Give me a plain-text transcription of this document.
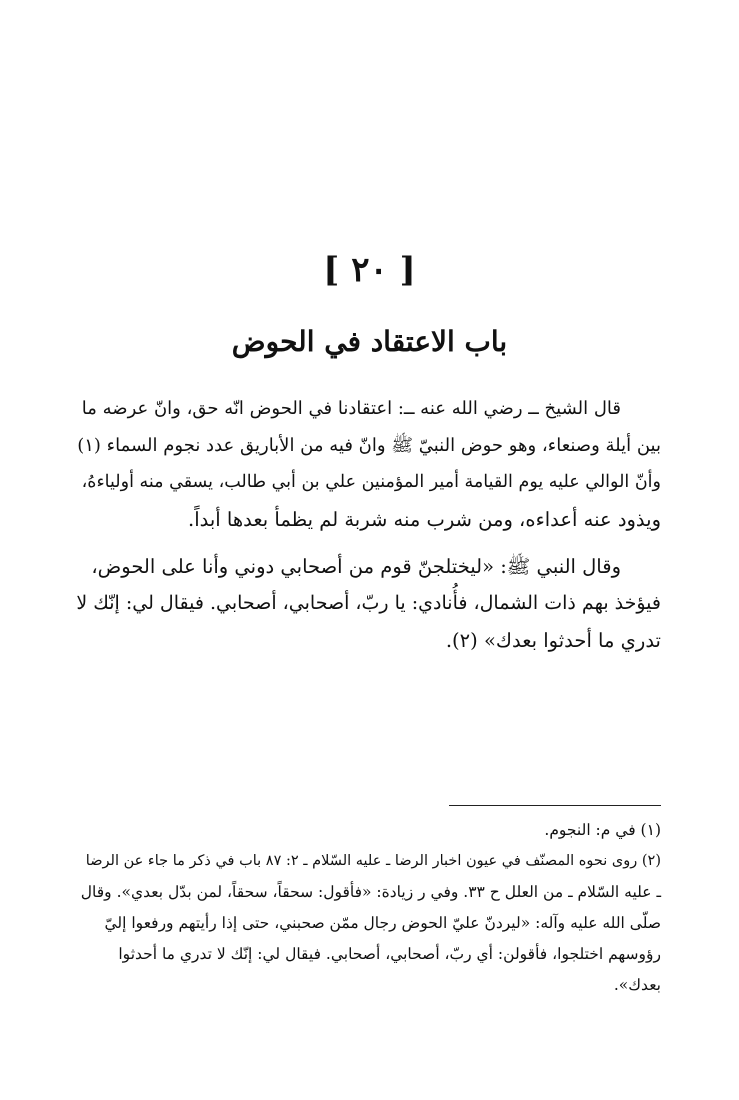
[ ٢٠ ]
باب الاعتقاد في الحوض

قال الشيخ ــ رضي الله عنه ــ: اعتقادنا في الحوض انّه حق، وانّ عرضه ما

بين أيلة وصنعاء، وهو حوض النبيّ ﷺ وانّ فيه من الأباريق عدد نجوم السماء (١)
وأنّ الوالي عليه يوم القيامة أمير المؤمنين علي بن أبي طالب، يسقي منه أولياءهُ،
ويذود عنه أعداءه، ومن شرب منه شربة لم يظمأ بعدها أبداً.

وقال النبي ﷺ: «ليختلجنّ قوم من أصحابي دوني وأنا على الحوض،

فيؤخذ بهم ذات الشمال، فأُنادي: يا ربّ، أصحابي، أصحابي. فيقال لي: إنّك لا
تدري ما أحدثوا بعدك» (٢).

(١) في م: النجوم.
(٢) روى نحوه المصنّف في عيون اخبار الرضا ـ عليه السّلام ـ ٢: ٨٧ باب في ذكر ما جاء عن الرضا
ـ عليه السّلام ـ من العلل ح ٣٣. وفي ر زيادة: «فأقول: سحقاً، سحقاً، لمن بدّل بعدي». وقال
صلّى الله عليه وآله: «ليردنّ عليّ الحوض رجال ممّن صحبني، حتى إذا رأيتهم ورفعوا إليّ
رؤوسهم اختلجوا، فأقولن: أي ربّ، أصحابي، أصحابي. فيقال لي: إنّك لا تدري ما أحدثوا
بعدك».
